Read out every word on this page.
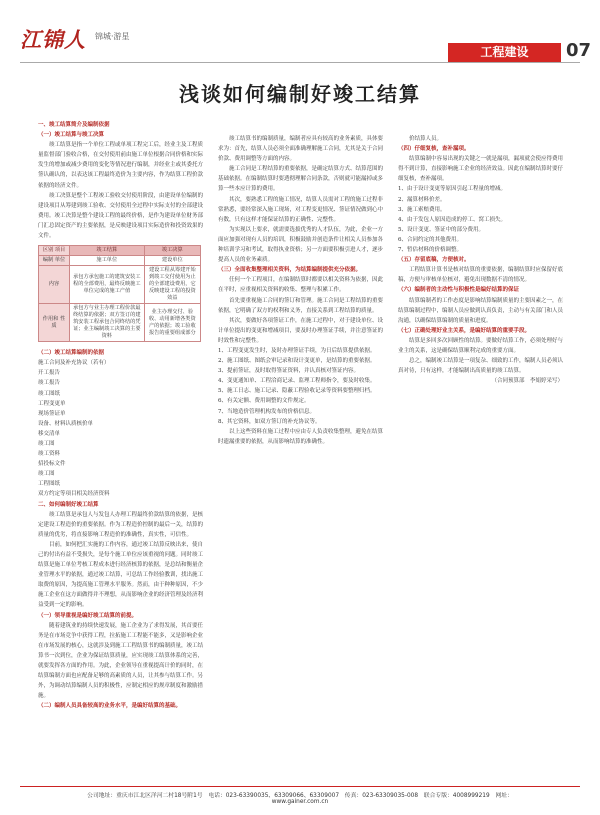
江锦人 锦城·游星
工程建设	07
浅谈如何编制好竣工结算

一、竣工结算简介及编制依据

（一）竣工结算与竣工决算

竣工结算是指一个单位工程或单项工程完工后，经业主及工程质量监督部门验收合格，在交付使用前由施工单位根据合同价格和实际发生的增加或减少费用的变化等情况进行编制，并经业主或其委托方签认确认的，以表达该工程最终造价为主要内容，作为结算工程价款依据的经济文件。

竣工决算是整个工程竣工验收交付使用阶段，由建设单位编制的建设项目从筹建到竣工验收、交付使用全过程中实际支付的全部建设费用。竣工决算是整个建设工程的最终价格，是作为建设单位财务部门汇总固定资产的主要依据，是反映建设项目实际造价和投资效果的文件。

区别 项目	竣工结算	竣工决算
编制 单位	施工单位	建设单位
内容	承包方承包施工的建筑安装工程的全部费用，最终反映施工单位完成的施工产值	建设工程从筹建开始到竣工交付使用为止的全部建设费用，它反映建设工程的投资效益
作用和 性质	承包方与业主办理工程价款最终结算的依据；双方签订的建筑安装工程承包合同终结的凭证；业主编制竣工决算的主要资料	业主办理交付、验收、动用新增各类资产的依据；竣工验收报告的重要组成部分

（二）竣工结算编制的依据

施工合同及补充协议（若有）

开工报告

竣工报告

竣工图纸

工程变更单

现场签证单

设备、材料认质核价单

移交清单

竣工图

竣工资料

招投标文件

竣工图

工程图纸

双方约定等项目相关经济资料

二、如何编制好竣工结算

竣工结算是承包人与发包人办理工程最终价款结算的依据，是核定建设工程造价的重要依据。作为工程造价控制的最后一关，结算的质量的优劣，将直接影响工程造价的准确性，真实性，可信性。

目前，如何把汇实施的工作内容，通过竣工结算反映出来，使自己的付出有益不受损失，是每个施工单位应该重视的问题。同时竣工结算是施工单位考核工程成本进行经济核算的依据，是总结和衡量企业管理水平的依据，通过竣工结算，可总结工作经验教训，找出施工取费的原因，为提高施工管理水平服务。然而，由于种种原因，不少施工企业在这方面做得并不理想，从而影响企业的经济管理及经济利益受到一定的影响。

（一）领导重视是编好竣工结算的前提。

随着建筑业的持续快速发展，施工企业为了求得发展，其首要任务是在市场竞争中获得工程，拉拓施工工程能不能多，又是影响企业在市场发展的核心，这就涉及到施工工程结算书的编制质量，竣工结算书一次到位，企业为保证结算质量，应实现竣工结算体系的完善，就要发挥各方面的作用。为此，企业领导在重视提高计价的同时，在结算编制方面也应配备足够的高素质的人员，让其参与结算工作。另外，为调动结算编制人员的积极性，应制定相应的规章制度和激励措施。

（二）编制人员具备较高的业务水平，是编好结算的基础。

竣工结算书的编制质量，编制者应具有较高的业务素质，具体要求为：首先，结算人员必须全面准确理解施工合同，尤其是关于合同价款、费用调整等方面的内容。

施工合同是工程结算的重要依据，是确定结算方式、结算范围的基础依据。在编制结算时要透彻理解合同条款，否则就可能漏掉或多算一些本应计算的费用。

其次，要熟悉工程的施工情况，结算人员需对工程的施工过程非常熟悉，要经常深入施工现场，对工程变更情况、签证情况做到心中有数，只有这样才能保证结算的正确性、完整性。

为实现以上要求，就需要选拔优秀的人才队伍，为此，企业一方面应加强对现有人员的培训，积极鼓励并创造条件让相关人员参加各种培训学习和考试，取得执业资格；另一方面要积极引进人才，逐步提高人员的业务素质。

（三）全面收集整理相关资料，为结算编制提供充分依据。

任何一个工程项目，在编制结算时都要以相关资料为依据，因此在平时，应重视相关资料的收集、整理与积累工作。

首先要重视施工合同的签订和管理。施工合同是工程结算的重要依据，它明确了双方的权利和义务，直接关系到工程结算的质量。

其次，要做好各项签证工作，在施工过程中，对于建设单位、设计单位提出的变更和增减项目，要及时办理签证手续，并注意签证的时效性和完整性。

1、工程变更发生时，及时办理签证手续，为日后结算提供依据。

2、施工图纸、图纸会审记录和设计变更单，是结算的重要依据。

3、提前签证，及时取得签证资料，并认真核对签证内容。

4、变更通知单、工程洽商记录、监理工程师指令，要及时收集。

5、施工日志、施工记录、隐蔽工程验收记录等资料要整理归档。

6、有关定额、费用调整的文件规定。

7、当地造价管理机构发布的价格信息。

8、其它资料，如双方签订的补充协议等。

以上这些资料在施工过程中应由专人负责收集整理，避免在结算时遗漏重要的依据，从而影响结算的准确性。

价结算人员。

（四）仔细复核，查补漏项。

结算编制中容易出现的关键之一就是漏项，漏项就会使应得费用得不到计算，直接影响施工企业的经济效益。因此在编制结算时要仔细复核，查补漏项。

1、由于设计变更等原因引起工程量的增减。

2、漏算材料价差。

3、施工索赔费用。

4、由于发包人原因造成的停工、窝工损失。

5、设计变更、签证中的部分费用。

6、合同约定的其他费用。

7、暂估材料的价格调整。

（五）存留底稿，方便核对。

工程结算计算书是核对结算的重要依据，编制结算时应保留好底稿，方便与审核单位核对，避免出现数据不清的情况。

（六）编制者的主动性与积极性是编好结算的保证

结算编制者的工作态度是影响结算编制质量的主要因素之一，在结算编制过程中，编制人员应做到认真负责，主动与有关部门和人员沟通，以确保结算编制的质量和进度。

（七）正确处理好业主关系，是编好结算的重要手段。

结算是多回多次回顾性的结算。要做好结算工作，必须处理好与业主的关系，这是确保结算顺利完成的重要方面。

总之，编制竣工结算是一项复杂、细致的工作，编制人员必须认真对待，只有这样，才能编制出高质量的竣工结算。

（合同预算部　李娟婷采写）

公司地址：重庆市江北区洋河二村18号附1号　电话：023-63390035、63309066、63309007　传真：023-63309035-008　联合专版：4008999219　网址：www.gainer.com.cn
